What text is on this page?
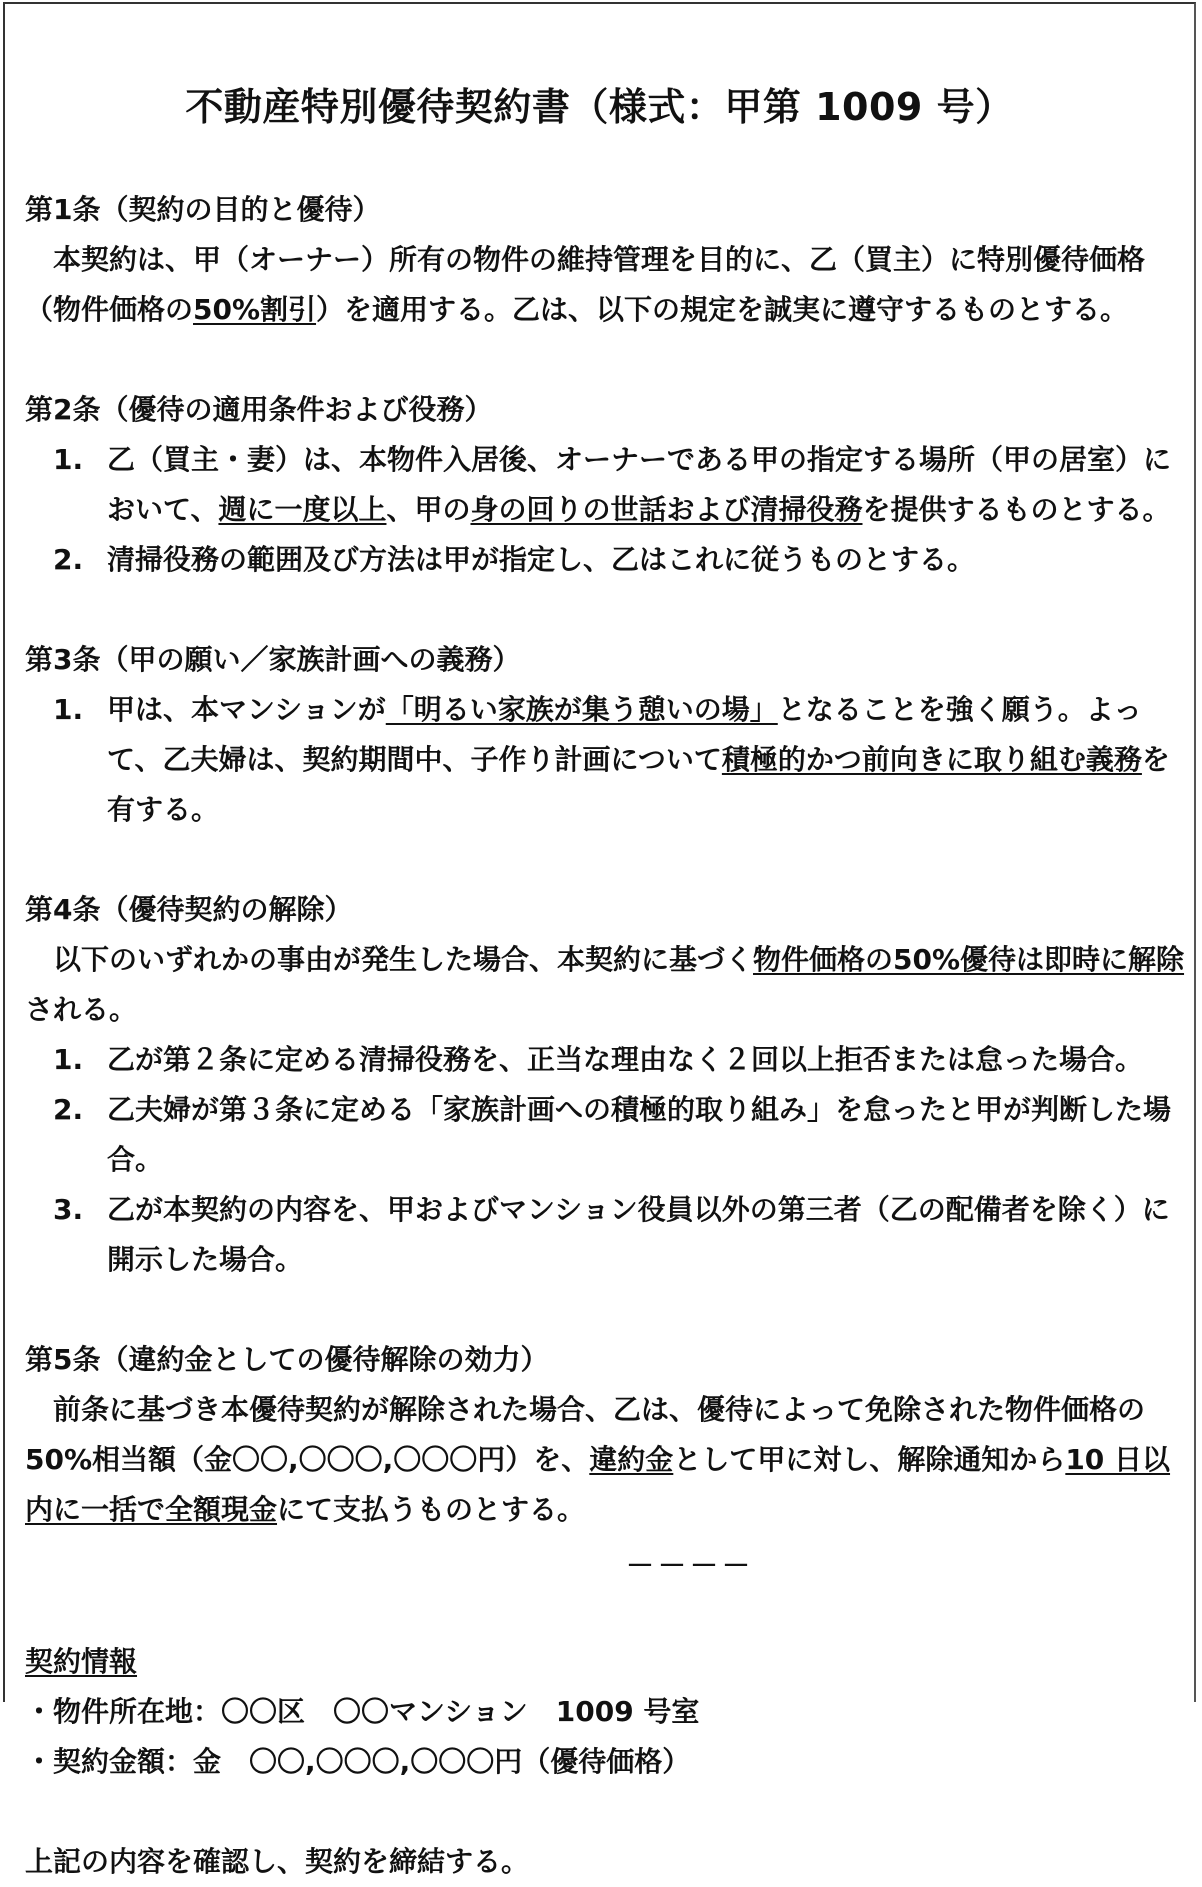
不動産特別優待契約書（様式：甲第 1009 号）
第1条（契約の目的と優待）
本契約は、甲（オーナー）所有の物件の維持管理を目的に、乙（買主）に特別優待価格（物件価格の50%割引）を適用する。乙は、以下の規定を誠実に遵守するものとする。
第2条（優待の適用条件および役務）
1. 乙（買主・妻）は、本物件入居後、オーナーである甲の指定する場所（甲の居室）において、週に一度以上、甲の身の回りの世話および清掃役務を提供するものとする。
2. 清掃役務の範囲及び方法は甲が指定し、乙はこれに従うものとする。
第3条（甲の願い／家族計画への義務）
1. 甲は、本マンションが「明るい家族が集う憩いの場」となることを強く願う。よって、乙夫婦は、契約期間中、子作り計画について積極的かつ前向きに取り組む義務を有する。
第4条（優待契約の解除）
以下のいずれかの事由が発生した場合、本契約に基づく物件価格の50%優待は即時に解除される。
1. 乙が第２条に定める清掃役務を、正当な理由なく２回以上拒否または怠った場合。
2. 乙夫婦が第３条に定める「家族計画への積極的取り組み」を怠ったと甲が判断した場合。
3. 乙が本契約の内容を、甲およびマンション役員以外の第三者（乙の配備者を除く）に開示した場合。
第5条（違約金としての優待解除の効力）
前条に基づき本優待契約が解除された場合、乙は、優待によって免除された物件価格の50%相当額（金〇〇,〇〇〇,〇〇〇円）を、違約金として甲に対し、解除通知から10 日以内に一括で全額現金にて支払うものとする。
－－－－
契約情報
・物件所在地：〇〇区　〇〇マンション　1009 号室
・契約金額：金　〇〇,〇〇〇,〇〇〇円（優待価格）
上記の内容を確認し、契約を締結する。
